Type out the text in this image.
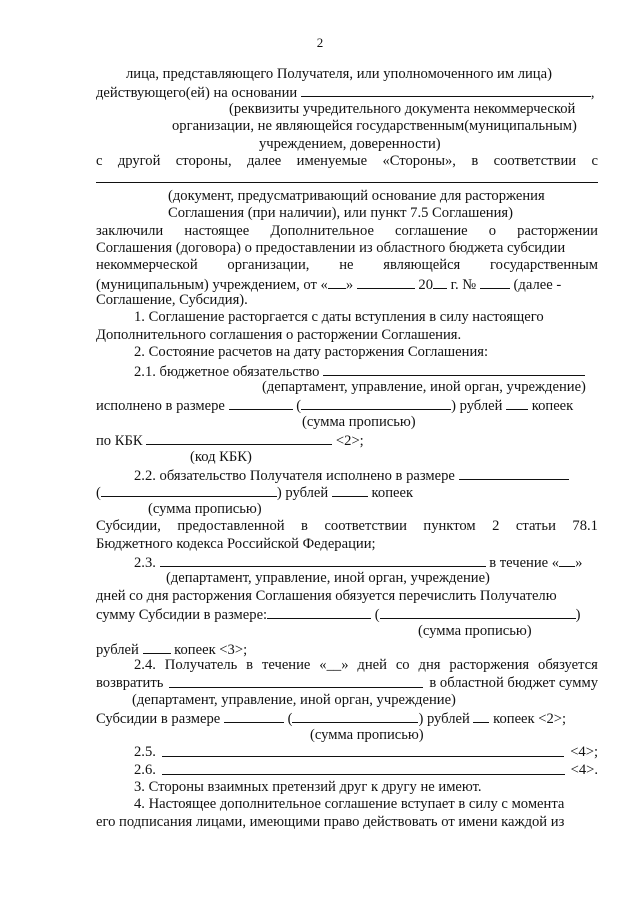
2
лица, представляющего Получателя, или уполномоченного им лица)
действующего(ей) на основании	,
(реквизиты учредительного документа некоммерческой
организации, не являющейся государственным(муниципальным)
учреждением, доверенности)
с другой стороны, далее именуемые «Стороны», в соответствии с
(документ, предусматривающий основание для расторжения
Соглашения (при наличии), или пункт 7.5 Соглашения)
заключили настоящее Дополнительное соглашение о расторжении
Соглашения (договора) о предоставлении из областного бюджета субсидии
некоммерческой организации, не являющейся государственным
(муниципальным) учреждением, от « »	20 г. №	(далее -
Соглашение, Субсидия).
1. Соглашение расторгается с даты вступления в силу настоящего
Дополнительного соглашения о расторжении Соглашения.
2. Состояние расчетов на дату расторжения Соглашения:
2.1. бюджетное обязательство
(департамент, управление, иной орган, учреждение)
исполнено в размере	(	) рублей копеек
(сумма прописью)
по КБК	<2>;
(код КБК)
2.2. обязательство Получателя исполнено в размере
(	) рублей	копеек
(сумма прописью)
Субсидии, предоставленной в соответствии пунктом 2 статьи 78.1
Бюджетного кодекса Российской Федерации;
2.3.	в течение « »
(департамент, управление, иной орган, учреждение)
дней со дня расторжения Соглашения обязуется перечислить Получателю
сумму Субсидии в размере:	(	)
(сумма прописью)
рублей копеек <3>;
2.4. Получатель в течение «__» дней со дня расторжения обязуется
возвратить	в областной бюджет сумму
(департамент, управление, иной орган, учреждение)
Субсидии в размере	(	) рублей копеек <2>;
(сумма прописью)
2.5.	<4>;
2.6.	<4>.
3. Стороны взаимных претензий друг к другу не имеют.
4. Настоящее дополнительное соглашение вступает в силу с момента
его подписания лицами, имеющими право действовать от имени каждой из
